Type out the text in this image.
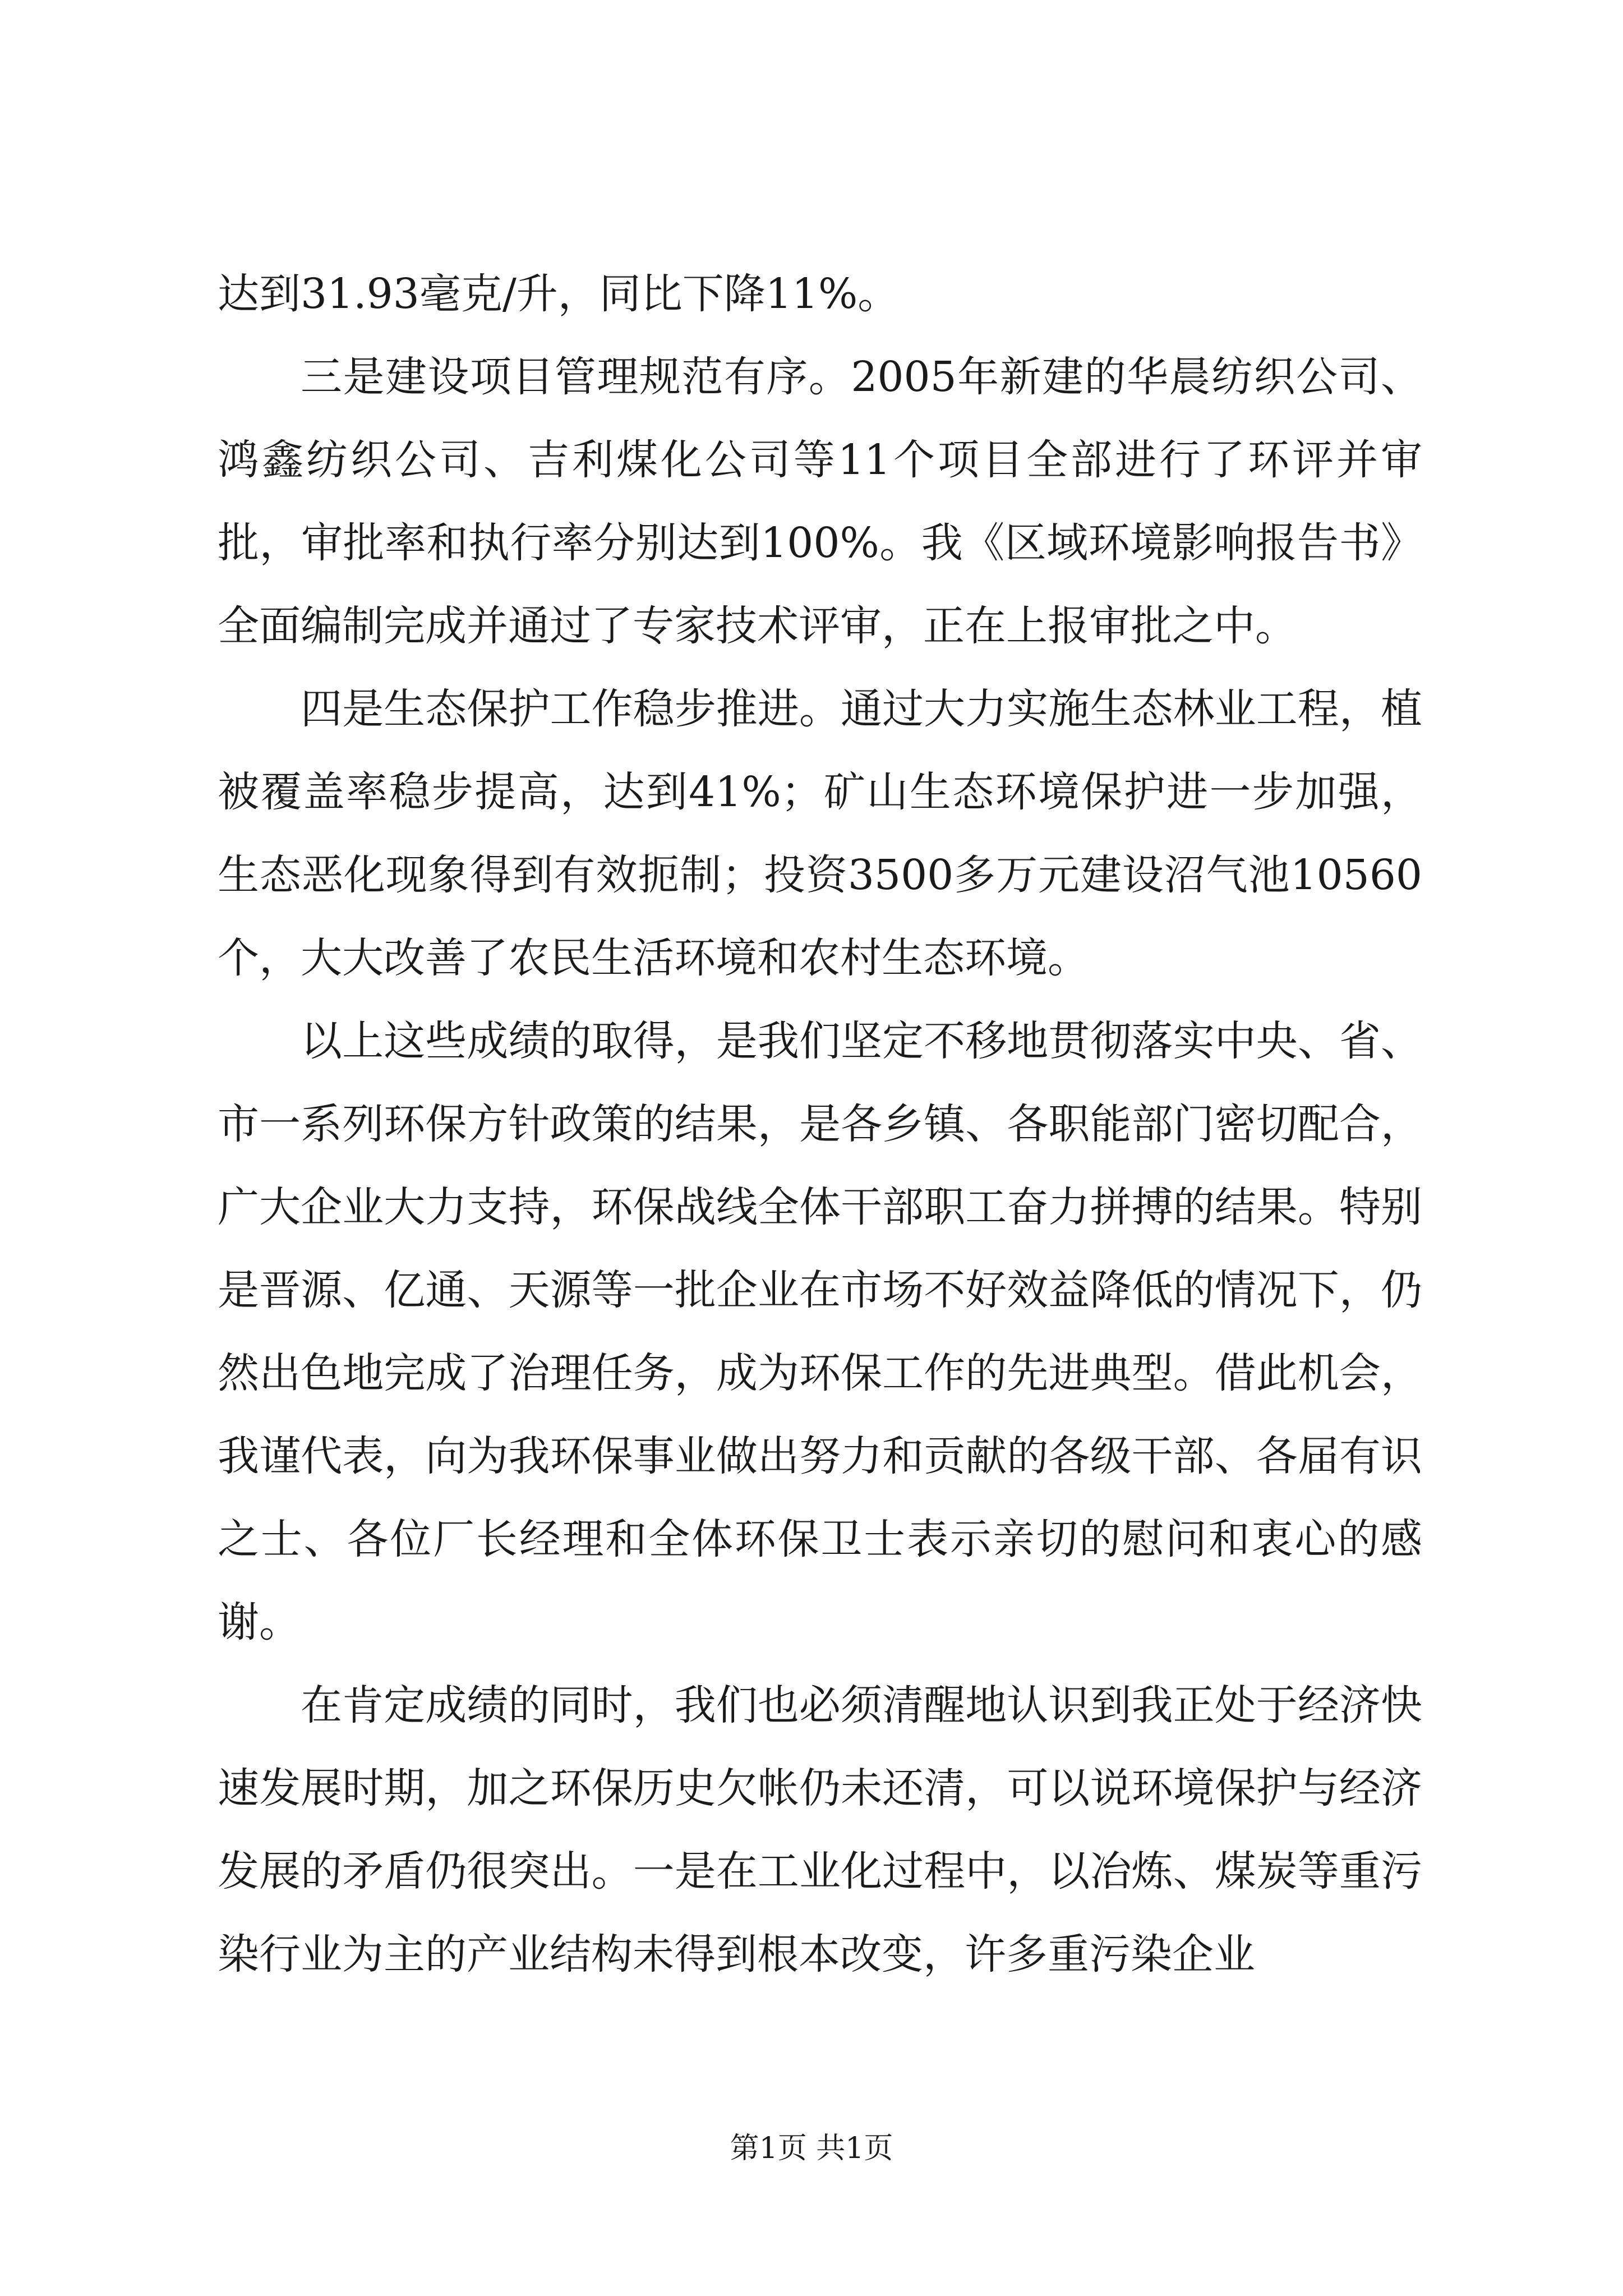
达到31.93毫克/升，同比下降11%。

三是建设项目管理规范有序。2005年新建的华晨纺织公司、鸿鑫纺织公司、吉利煤化公司等11个项目全部进行了环评并审批，审批率和执行率分别达到100%。我《区域环境影响报告书》全面编制完成并通过了专家技术评审，正在上报审批之中。

四是生态保护工作稳步推进。通过大力实施生态林业工程，植被覆盖率稳步提高，达到41%；矿山生态环境保护进一步加强，生态恶化现象得到有效扼制；投资3500多万元建设沼气池10560个，大大改善了农民生活环境和农村生态环境。

以上这些成绩的取得，是我们坚定不移地贯彻落实中央、省、市一系列环保方针政策的结果，是各乡镇、各职能部门密切配合，广大企业大力支持，环保战线全体干部职工奋力拼搏的结果。特别是晋源、亿通、天源等一批企业在市场不好效益降低的情况下，仍然出色地完成了治理任务，成为环保工作的先进典型。借此机会，我谨代表，向为我环保事业做出努力和贡献的各级干部、各届有识之士、各位厂长经理和全体环保卫士表示亲切的慰问和衷心的感谢。

在肯定成绩的同时，我们也必须清醒地认识到我正处于经济快速发展时期，加之环保历史欠帐仍未还清，可以说环境保护与经济发展的矛盾仍很突出。一是在工业化过程中，以冶炼、煤炭等重污染行业为主的产业结构未得到根本改变，许多重污染企业

第1页 共1页
